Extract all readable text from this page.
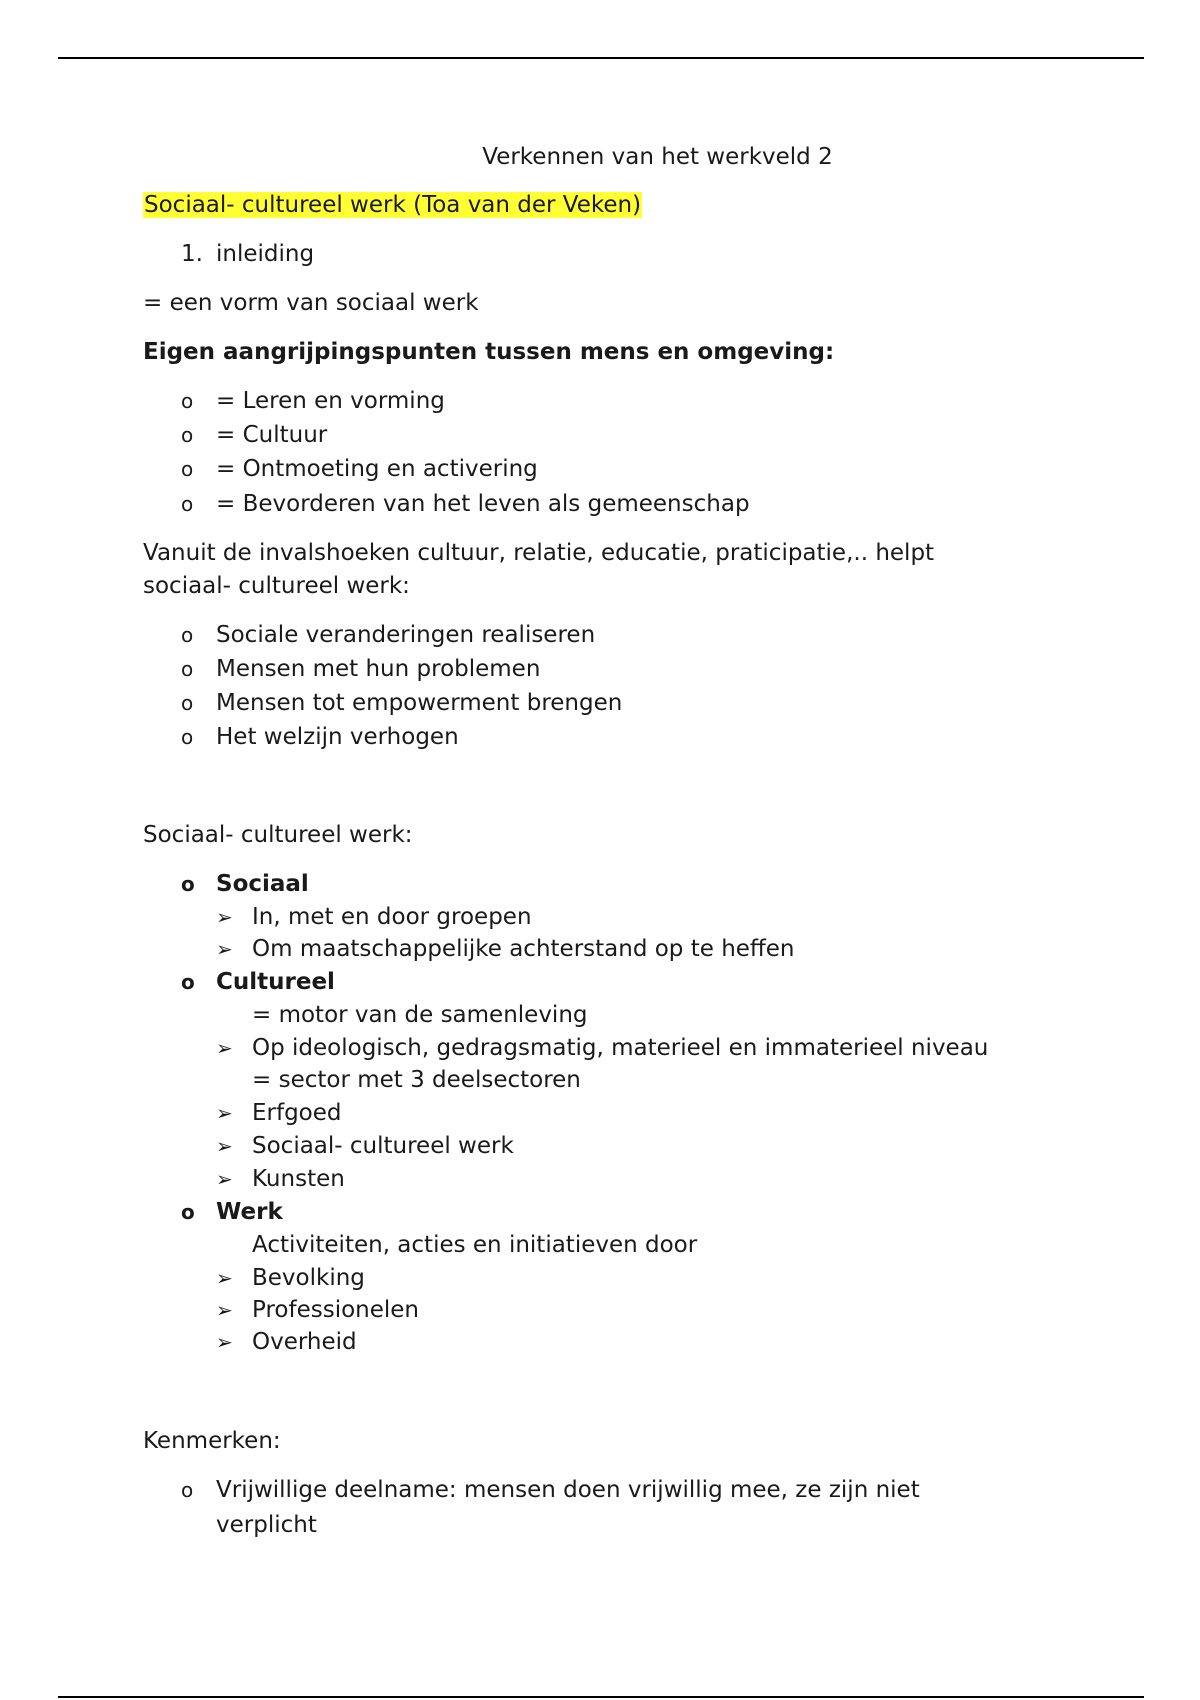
Verkennen van het werkveld 2
Sociaal- cultureel werk (Toa van der Veken)
1. inleiding
= een vorm van sociaal werk
Eigen aangrijpingspunten tussen mens en omgeving:
o = Leren en vorming
o = Cultuur
o = Ontmoeting en activering
o = Bevorderen van het leven als gemeenschap
Vanuit de invalshoeken cultuur, relatie, educatie, praticipatie,.. helpt
sociaal- cultureel werk:
o Sociale veranderingen realiseren
o Mensen met hun problemen
o Mensen tot empowerment brengen
o Het welzijn verhogen
Sociaal- cultureel werk:
o Sociaal
➢ In, met en door groepen
➢ Om maatschappelijke achterstand op te heffen
o Cultureel
= motor van de samenleving
➢ Op ideologisch, gedragsmatig, materieel en immaterieel niveau
= sector met 3 deelsectoren
➢ Erfgoed
➢ Sociaal- cultureel werk
➢ Kunsten
o Werk
Activiteiten, acties en initiatieven door
➢ Bevolking
➢ Professionelen
➢ Overheid
Kenmerken:
o Vrijwillige deelname: mensen doen vrijwillig mee, ze zijn niet
verplicht
